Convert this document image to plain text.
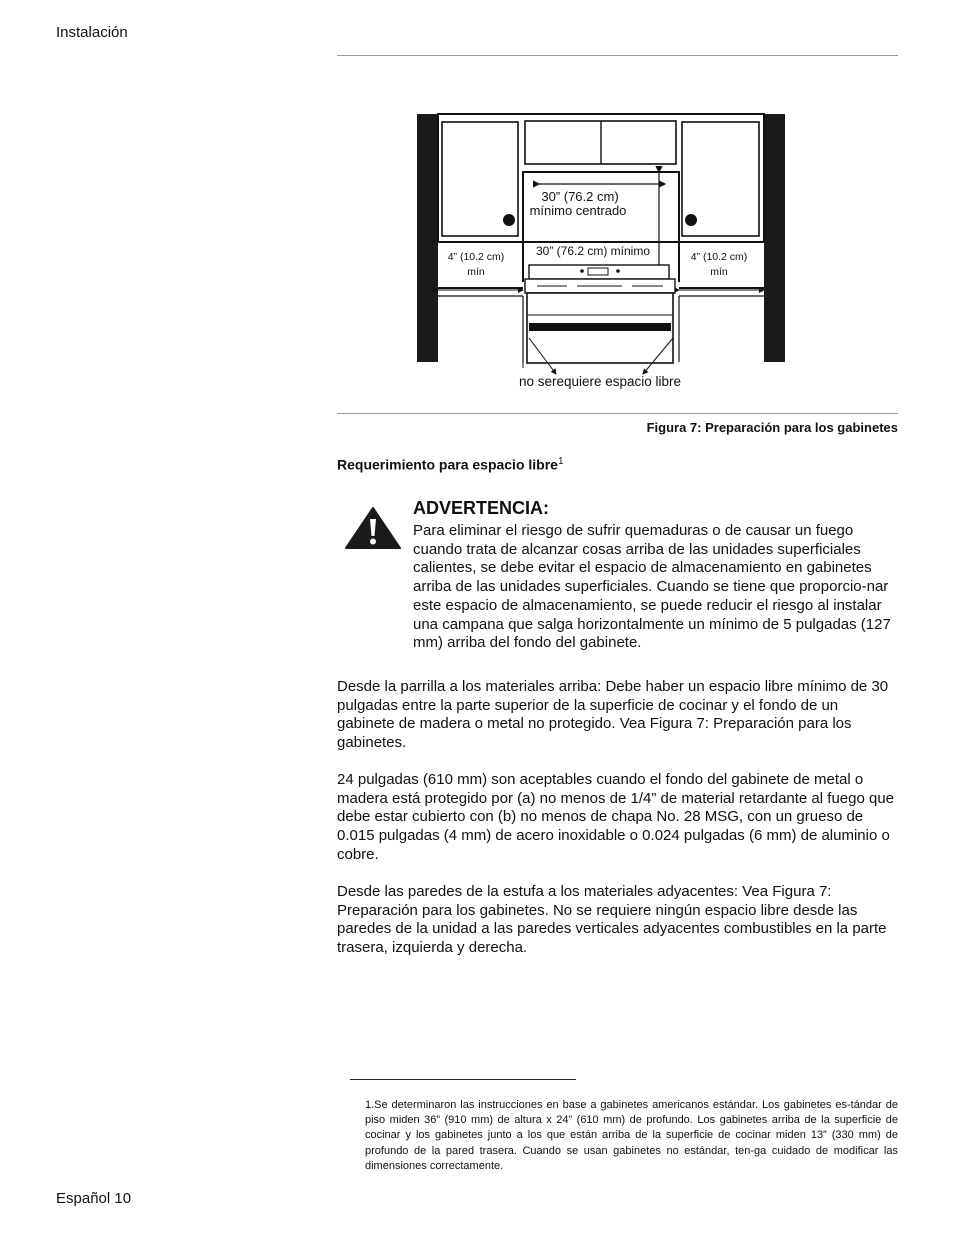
Instalación
30” (76.2 cm)
mínimo centrado
30” (76.2 cm) mínimo
4” (10.2 cm)
mín
4” (10.2 cm)
mín
no serequiere espacio libre
Figura 7: Preparación para los gabinetes
Requerimiento para espacio libre$^1$
ADVERTENCIA:
Para eliminar el riesgo de sufrir quemaduras o de causar un fuego cuando trata de alcanzar cosas arriba de las unidades superficiales calientes, se debe evitar el espacio de almacenamiento en gabinetes arriba de las unidades superficiales. Cuando se tiene que proporcio-nar este espacio de almacenamiento, se puede reducir el riesgo al instalar una campana que salga horizontalmente un mínimo de 5 pulgadas (127 mm) arriba del fondo del gabinete.
Desde la parrilla a los materiales arriba: Debe haber un espacio libre mínimo de 30 pulgadas entre la parte superior de la superficie de cocinar y el fondo de un gabinete de madera o metal no protegido. Vea Figura 7: Preparación para los gabinetes.
24 pulgadas (610 mm) son aceptables cuando el fondo del gabinete de metal o madera está protegido por (a) no menos de 1/4” de material retardante al fuego que debe estar cubierto con (b) no menos de chapa No. 28 MSG, con un grueso de 0.015 pulgadas (4 mm) de acero inoxidable o 0.024 pulgadas (6 mm) de aluminio o cobre.
Desde las paredes de la estufa a los materiales adyacentes: Vea Figura 7: Preparación para los gabinetes. No se requiere ningún espacio libre desde las paredes de la unidad a las paredes verticales adyacentes combustibles en la parte trasera, izquierda y derecha.
1.Se determinaron las instrucciones en base a gabinetes americanos estándar. Los gabinetes es-tándar de piso miden 36” (910 mm) de altura x 24” (610 mm) de profundo. Los gabinetes arriba de la superficie de cocinar y los gabinetes junto a los que están arriba de la superficie de cocinar miden 13” (330 mm) de profundo de la pared trasera. Cuando se usan gabinetes no estándar, ten-ga cuidado de modificar las dimensiones correctamente.
Español 10
